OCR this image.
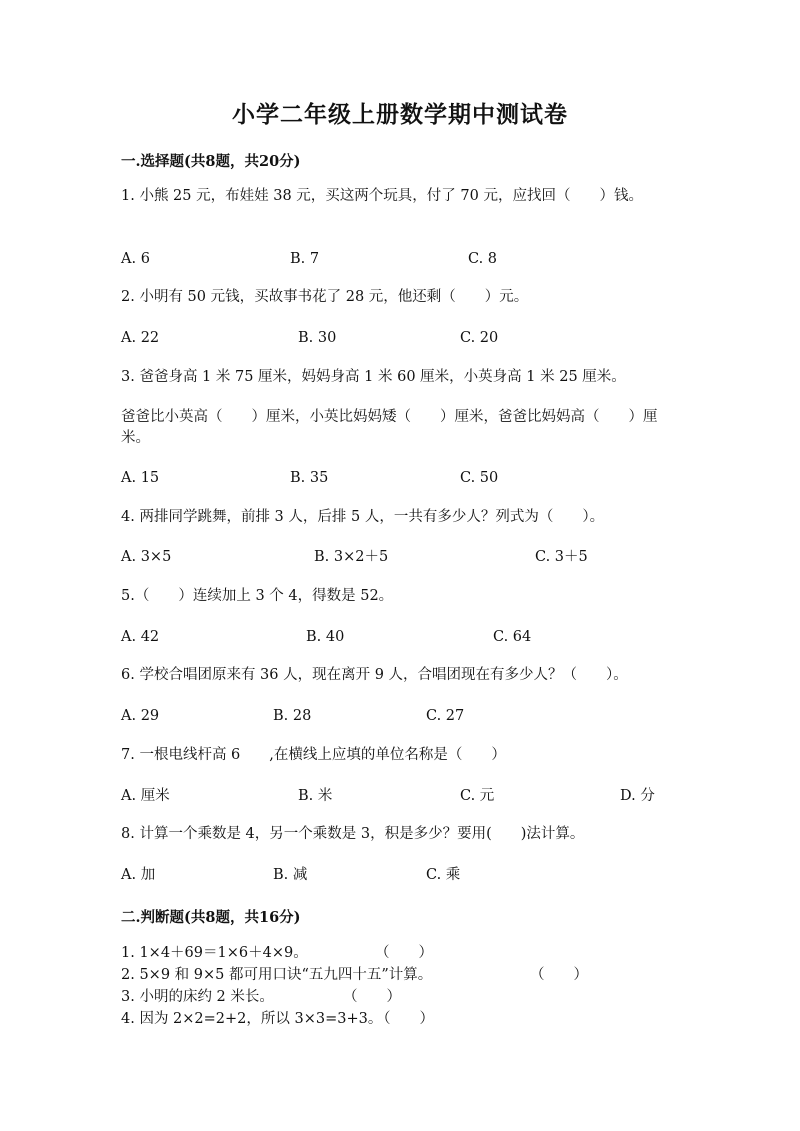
小学二年级上册数学期中测试卷
一.选择题(共8题，共20分)
1. 小熊 25 元，布娃娃 38 元，买这两个玩具，付了 70 元，应找回（　　）钱。
A. 6	B. 7	C. 8
2. 小明有 50 元钱，买故事书花了 28 元，他还剩（　　）元。
A. 22	B. 30	C. 20
3. 爸爸身高 1 米 75 厘米，妈妈身高 1 米 60 厘米，小英身高 1 米 25 厘米。
爸爸比小英高（　　）厘米，小英比妈妈矮（　　）厘米，爸爸比妈妈高（　　）厘米。
A. 15	B. 35	C. 50
4. 两排同学跳舞，前排 3 人，后排 5 人，一共有多少人？列式为（　　）。
A. 3×5	B. 3×2＋5	C. 3＋5
5.（　　）连续加上 3 个 4，得数是 52。
A. 42	B. 40	C. 64
6. 学校合唱团原来有 36 人，现在离开 9 人，合唱团现在有多少人？（　　）。
A. 29	B. 28	C. 27
7. 一根电线杆高 6　　,在横线上应填的单位名称是（　　）
A. 厘米	B. 米	C. 元	D. 分
8. 计算一个乘数是 4，另一个乘数是 3，积是多少？要用(　　)法计算。
A. 加	B. 减	C. 乘
二.判断题(共8题，共16分)
1. 1×4＋69＝1×6＋4×9。	（　　）
2. 5×9 和 9×5 都可用口诀“五九四十五”计算。	（　　）
3. 小明的床约 2 米长。	（　　）
4. 因为 2×2=2+2，所以 3×3=3+3。
（　　）
